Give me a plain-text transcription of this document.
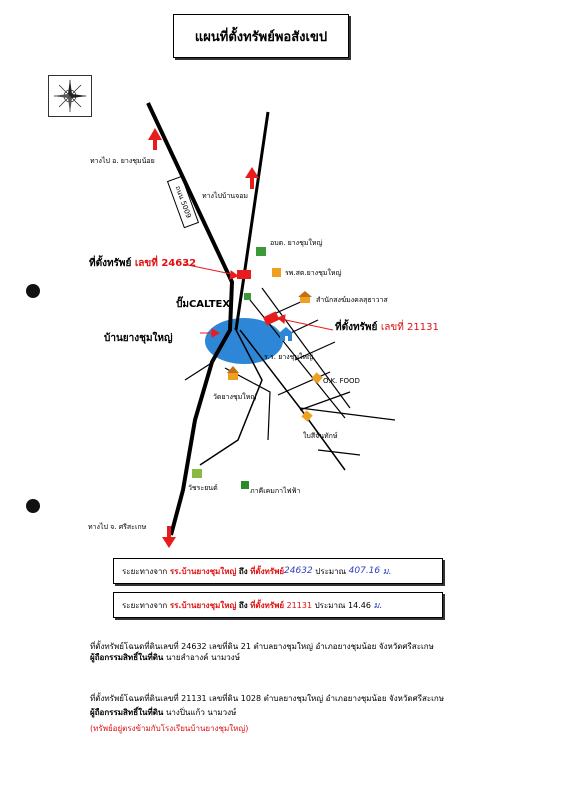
แผนที่ตั้งทรัพย์พอสังเขป
ทางไป อ. ยางชุมน้อย
ทางไปบ้านจอม
ถนน 5009
อบต. ยางชุมใหญ่
รพ.สต.ยางชุมใหญ่
สำนักสงฆ์มงคลสุธาวาส
ที่ตั้งทรัพย์ เลขที่ 24632
ปั๊มCALTEX
บ้านยางชุมใหญ่
ที่ตั้งทรัพย์ เลขที่ 21131
ร.ร. ยางชุมใหญ่
O.K. FOOD
วัดยางชุมใหญ่
ใบสีจันทักษ์
วัชระยนต์	ภาคีเคมกาไฟฟ้า
ทางไป จ. ศรีสะเกษ
ระยะทางจาก
รร.บ้านยางชุมใหญ่
ถึง
ที่ตั้งทรัพย์ 24632
ประมาณ
407.16
ม.
ระยะทางจาก
รร.บ้านยางชุมใหญ่
ถึง
ที่ตั้งทรัพย์
21131
ประมาณ
14.46
ม.
ที่ตั้งทรัพย์โฉนดที่ดินเลขที่ 24632 เลขที่ดิน 21 ตำบลยางชุมใหญ่ อำเภอยางชุมน้อย จังหวัดศรีสะเกษ
ผู้ถือกรรมสิทธิ์ในที่ดิน นายสำอางค์ นามวงษ์
ที่ตั้งทรัพย์โฉนดที่ดินเลขที่ 21131 เลขที่ดิน 1028 ตำบลยางชุมใหญ่ อำเภอยางชุมน้อย จังหวัดศรีสะเกษ
ผู้ถือกรรมสิทธิ์ในที่ดิน นางปิ่นแก้ว นามวงษ์
(ทรัพย์อยู่ตรงข้ามกับโรงเรียนบ้านยางชุมใหญ่)
